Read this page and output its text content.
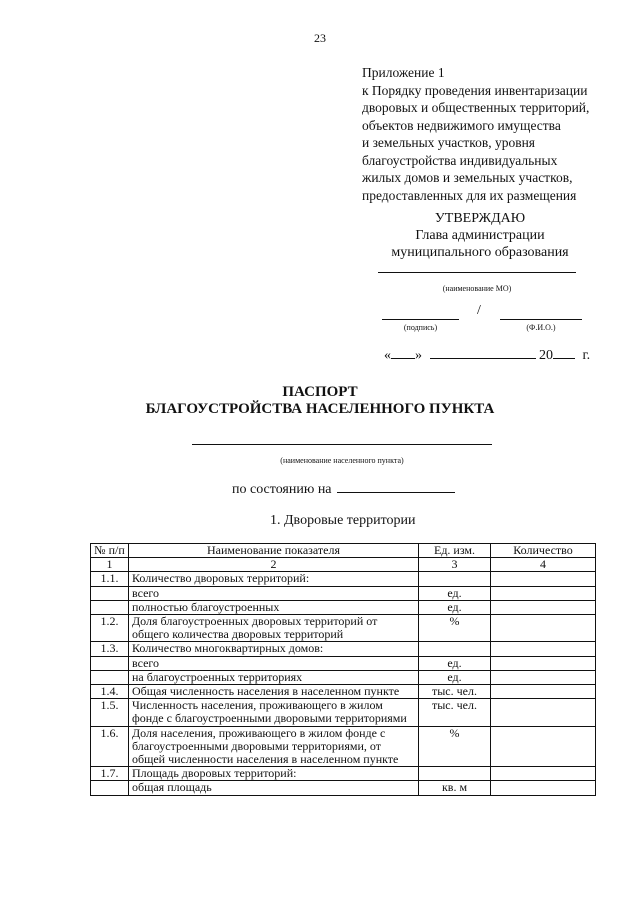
23
Приложение 1
к Порядку проведения инвентаризации
дворовых и общественных территорий,
объектов недвижимого имущества
и земельных участков, уровня
благоустройства индивидуальных
жилых домов и земельных участков,
предоставленных для их размещения
УТВЕРЖДАЮ
Глава администрации
муниципального образования
(наименование МО)
/
(подпись)	(Ф.И.О.)
« »	20 г.
ПАСПОРТ
БЛАГОУСТРОЙСТВА НАСЕЛЕННОГО ПУНКТА
(наименование населенного пункта)
по состоянию на
1. Дворовые территории
№ п/п	Наименование показателя	Ед. изм.	Количество
1	2	3	4
1.1.	Количество дворовых территорий:		
	всего	ед.	
	полностью благоустроенных	ед.	
1.2.	Доля благоустроенных дворовых территорий от общего количества дворовых территорий	%	
1.3.	Количество многоквартирных домов:		
	всего	ед.	
	на благоустроенных территориях	ед.	
1.4.	Общая численность населения в населенном пункте	тыс. чел.	
1.5.	Численность населения, проживающего в жилом фонде с благоустроенными дворовыми территориями	тыс. чел.	
1.6.	Доля населения, проживающего в жилом фонде с благоустроенными дворовыми территориями, от общей численности населения в населенном пункте	%	
1.7.	Площадь дворовых территорий:		
	общая площадь	кв. м	
